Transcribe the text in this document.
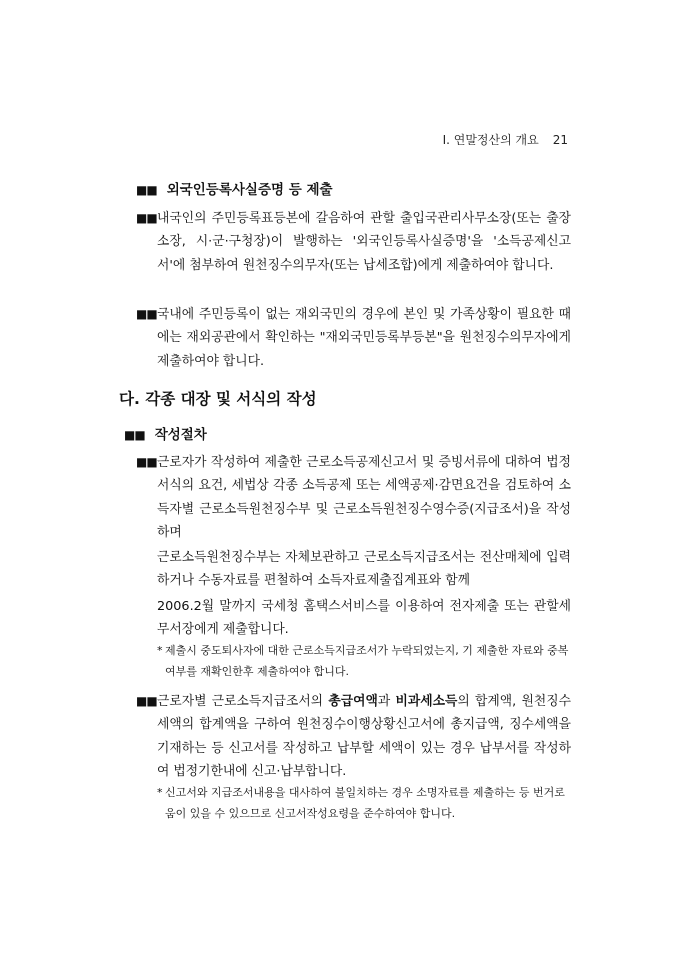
Ⅰ. 연말정산의 개요 21
■■ 외국인등록사실증명 등 제출
■■ 내국인의 주민등록표등본에 갈음하여 관할 출입국관리사무소장(또는 출장소장, 시·군·구청장)이 발행하는 '외국인등록사실증명'을 '소득공제신고서'에 첨부하여 원천징수의무자(또는 납세조합)에게 제출하여야 합니다.
■■ 국내에 주민등록이 없는 재외국민의 경우에 본인 및 가족상황이 필요한 때에는 재외공관에서 확인하는 "재외국민등록부등본"을 원천징수의무자에게 제출하여야 합니다.
다. 각종 대장 및 서식의 작성
■■ 작성절차
■■ 근로자가 작성하여 제출한 근로소득공제신고서 및 증빙서류에 대하여 법정서식의 요건, 세법상 각종 소득공제 또는 세액공제·감면요건을 검토하여 소득자별 근로소득원천징수부 및 근로소득원천징수영수증(지급조서)을 작성하며
근로소득원천징수부는 자체보관하고 근로소득지급조서는 전산매체에 입력하거나 수동자료를 편철하여 소득자료제출집계표와 함께
2006.2월 말까지 국세청 홈택스서비스를 이용하여 전자제출 또는 관할세무서장에게 제출합니다.
* 제출시 중도퇴사자에 대한 근로소득지급조서가 누락되었는지, 기 제출한 자료와 중복여부를 재확인한후 제출하여야 합니다.
■■ 근로자별 근로소득지급조서의 총급여액과 비과세소득의 합계액, 원천징수세액의 합계액을 구하여 원천징수이행상황신고서에 총지급액, 징수세액을 기재하는 등 신고서를 작성하고 납부할 세액이 있는 경우 납부서를 작성하여 법정기한내에 신고·납부합니다.
* 신고서와 지급조서내용을 대사하여 불일치하는 경우 소명자료를 제출하는 등 번거로움이 있을 수 있으므로 신고서작성요령을 준수하여야 합니다.
